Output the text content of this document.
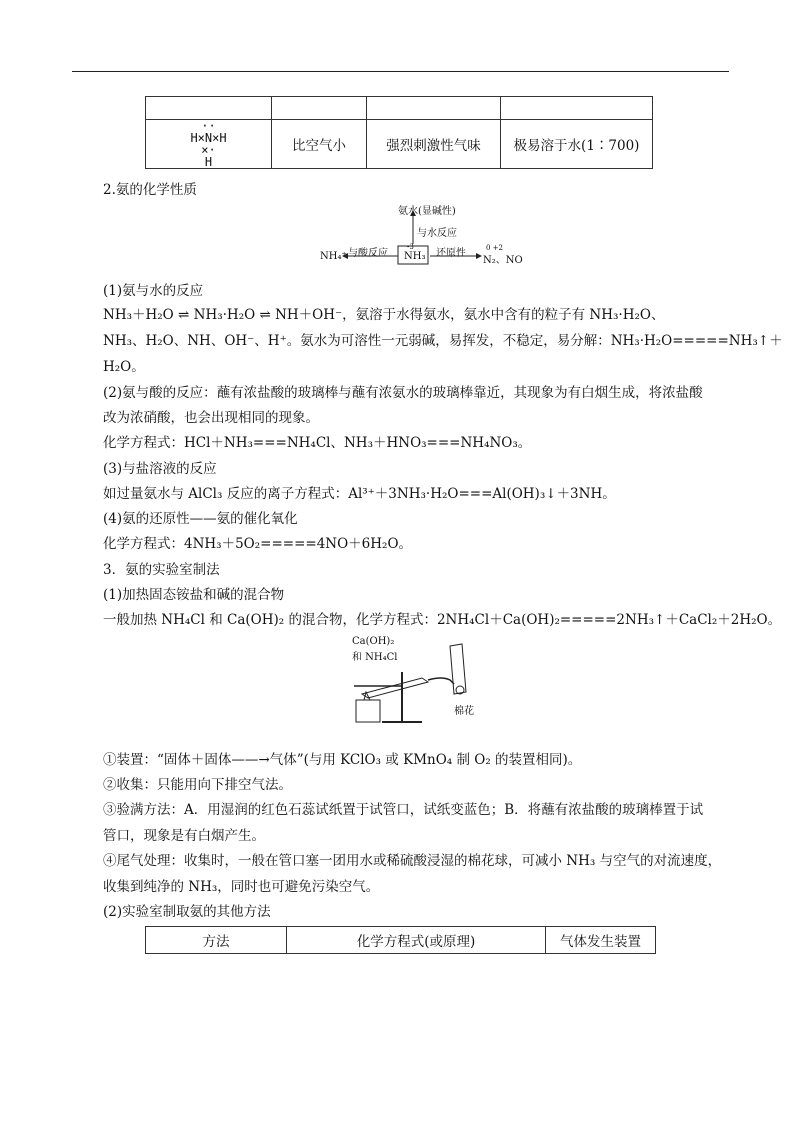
··
H×N×H
×·
H	比空气小	强烈刺激性气味	极易溶于水(1∶700)
2.氨的化学性质
氨水(显碱性)
与水反应
与酸反应
NH₄⁺
-3
NH₃ 还原性	0 +2
N₂、NO
(1)氨与水的反应
NH₃＋H₂O ⇌ NH₃·H₂O ⇌ NH＋OH⁻，氨溶于水得氨水，氨水中含有的粒子有 NH₃·H₂O、
NH₃、H₂O、NH、OH⁻、H⁺。氨水为可溶性一元弱碱，易挥发，不稳定，易分解：NH₃·H₂O=====NH₃↑＋
H₂O。
(2)氨与酸的反应：蘸有浓盐酸的玻璃棒与蘸有浓氨水的玻璃棒靠近，其现象为有白烟生成，将浓盐酸
改为浓硝酸，也会出现相同的现象。
化学方程式：HCl＋NH₃===NH₄Cl、NH₃＋HNO₃===NH₄NO₃。
(3)与盐溶液的反应
如过量氨水与 AlCl₃ 反应的离子方程式：Al³⁺＋3NH₃·H₂O===Al(OH)₃↓＋3NH。
(4)氨的还原性——氨的催化氧化
化学方程式：4NH₃＋5O₂=====4NO＋6H₂O。
3．氨的实验室制法
(1)加热固态铵盐和碱的混合物
一般加热 NH₄Cl 和 Ca(OH)₂ 的混合物，化学方程式：2NH₄Cl＋Ca(OH)₂=====2NH₃↑＋CaCl₂＋2H₂O。
Ca(OH)₂
和 NH₄Cl
棉花
①装置：“固体＋固体——→气体”(与用 KClO₃ 或 KMnO₄ 制 O₂ 的装置相同)。
②收集：只能用向下排空气法。
③验满方法：A．用湿润的红色石蕊试纸置于试管口，试纸变蓝色；B．将蘸有浓盐酸的玻璃棒置于试
管口，现象是有白烟产生。
④尾气处理：收集时，一般在管口塞一团用水或稀硫酸浸湿的棉花球，可减小 NH₃ 与空气的对流速度，
收集到纯净的 NH₃，同时也可避免污染空气。
(2)实验室制取氨的其他方法
方法	化学方程式(或原理)	气体发生装置
